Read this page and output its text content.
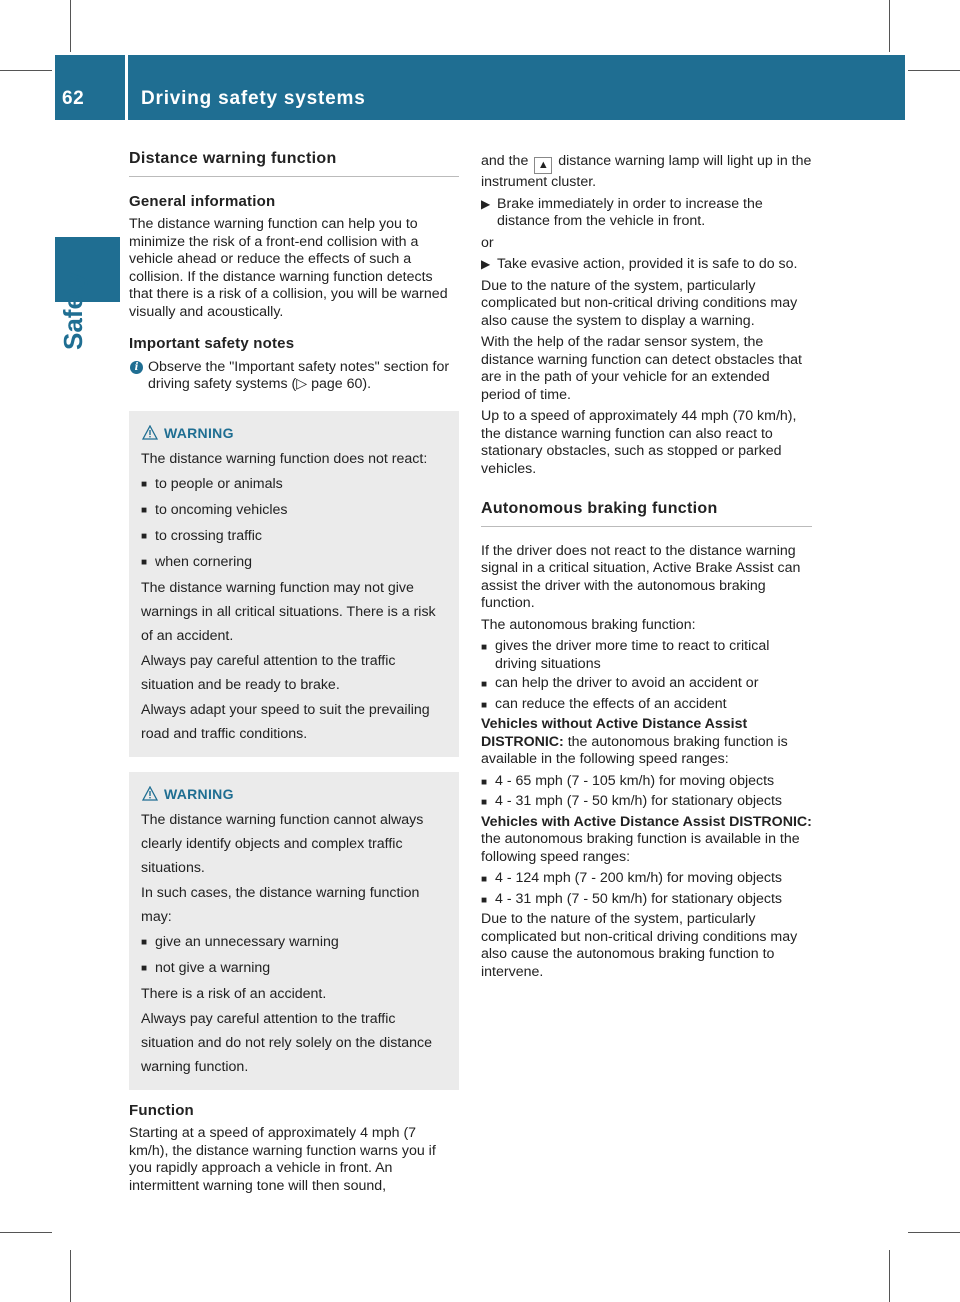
62	Driving safety systems
Safety
Distance warning function
General information

The distance warning function can help you to minimize the risk of a front-end collision with a vehicle ahead or reduce the effects of such a collision. If the distance warning function detects that there is a risk of a collision, you will be warned visually and acoustically.

Important safety notes
i Observe the "Important safety notes" section for driving safety systems (▷ page 60).
WARNING

The distance warning function does not react:

■ to people or animals
■ to oncoming vehicles
■ to crossing traffic
■ when cornering

The distance warning function may not give warnings in all critical situations. There is a risk of an accident.

Always pay careful attention to the traffic situation and be ready to brake.

Always adapt your speed to suit the prevailing road and traffic conditions.

WARNING

The distance warning function cannot always clearly identify objects and complex traffic situations.

In such cases, the distance warning function may:

■ give an unnecessary warning
■ not give a warning

There is a risk of an accident.

Always pay careful attention to the traffic situation and do not rely solely on the distance warning function.

Function

Starting at a speed of approximately 4 mph (7 km/h), the distance warning function warns you if you rapidly approach a vehicle in front. An intermittent warning tone will then sound,

and the ▲ distance warning lamp will light up in the instrument cluster.

▶ Brake immediately in order to increase the distance from the vehicle in front.

or

▶ Take evasive action, provided it is safe to do so.

Due to the nature of the system, particularly complicated but non-critical driving conditions may also cause the system to display a warning.

With the help of the radar sensor system, the distance warning function can detect obstacles that are in the path of your vehicle for an extended period of time.

Up to a speed of approximately 44 mph (70 km/h), the distance warning function can also react to stationary obstacles, such as stopped or parked vehicles.

Autonomous braking function

If the driver does not react to the distance warning signal in a critical situation, Active Brake Assist can assist the driver with the autonomous braking function.

The autonomous braking function:

■ gives the driver more time to react to critical driving situations
■ can help the driver to avoid an accident or
■ can reduce the effects of an accident

Vehicles without Active Distance Assist DISTRONIC: the autonomous braking function is available in the following speed ranges:

■ 4 - 65 mph (7 - 105 km/h) for moving objects
■ 4 - 31 mph (7 - 50 km/h) for stationary objects

Vehicles with Active Distance Assist DISTRONIC: the autonomous braking function is available in the following speed ranges:

■ 4 - 124 mph (7 - 200 km/h) for moving objects
■ 4 - 31 mph (7 - 50 km/h) for stationary objects

Due to the nature of the system, particularly complicated but non-critical driving conditions may also cause the autonomous braking function to intervene.
